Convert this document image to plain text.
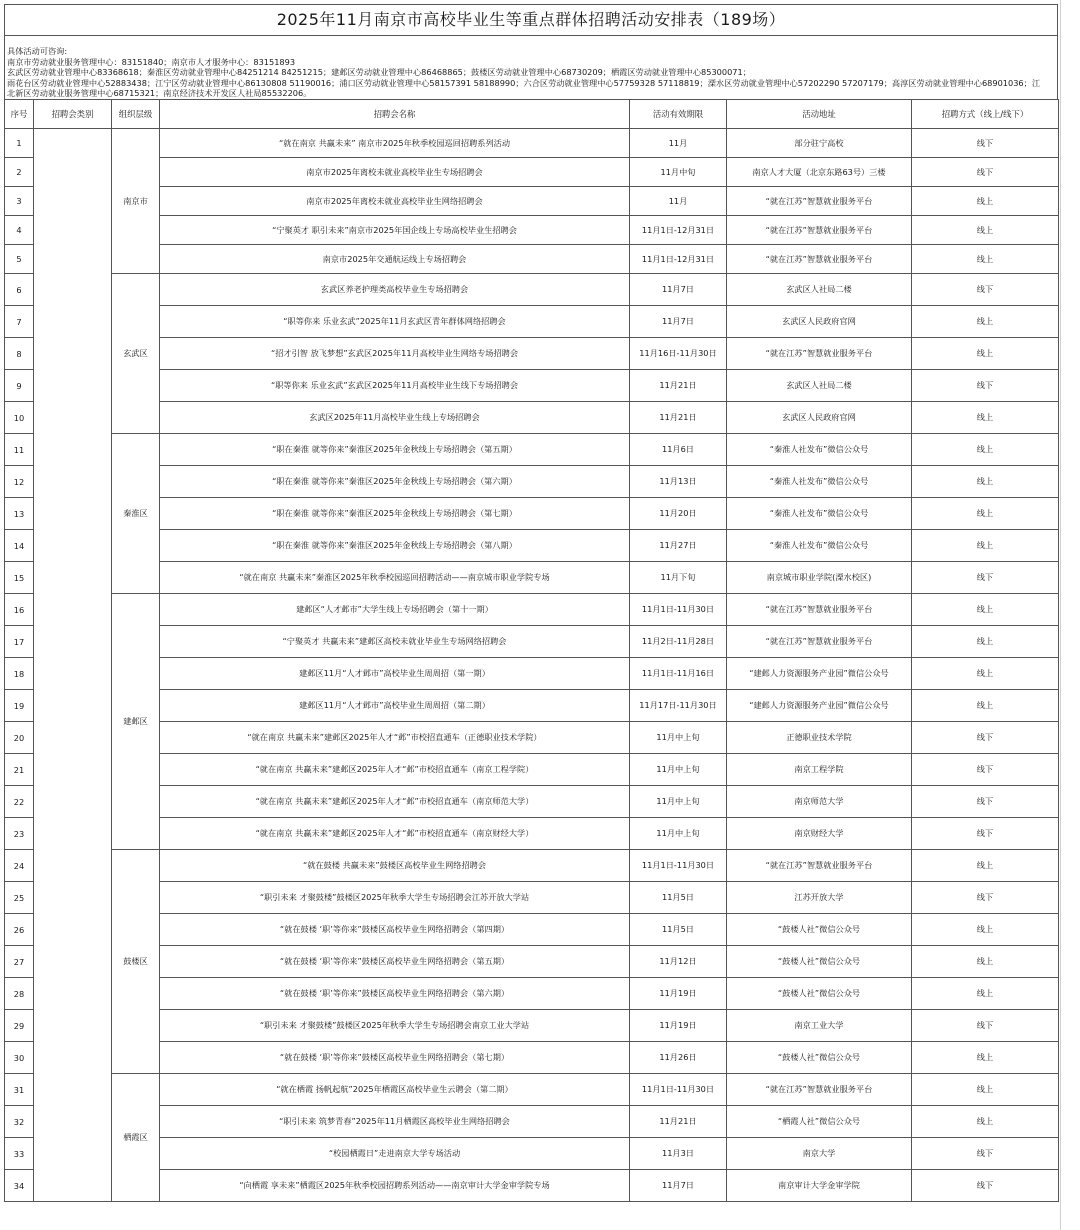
2025年11月南京市高校毕业生等重点群体招聘活动安排表（189场）
具体活动可咨询:
南京市劳动就业服务管理中心：83151840；南京市人才服务中心：83151893
玄武区劳动就业管理中心83368618；秦淮区劳动就业管理中心84251214 84251215；建邺区劳动就业管理中心86468865；鼓楼区劳动就业管理中心68730209；栖霞区劳动就业管理中心85300071；
雨花台区劳动就业管理中心52883438；江宁区劳动就业管理中心86130808 51190016；浦口区劳动就业管理中心58157391 58188990；六合区劳动就业管理中心57759328 57118819；溧水区劳动就业管理中心57202290 57207179；高淳区劳动就业管理中心68901036；江
北新区劳动就业服务管理中心68715321；南京经济技术开发区人社局85532206。
序号	招聘会类别	组织层级	招聘会名称	活动有效期限	活动地址	招聘方式（线上/线下）
1		南京市	“就在南京 共赢未来” 南京市2025年秋季校园巡回招聘系列活动	11月	部分驻宁高校	线下
2			南京市2025年离校未就业高校毕业生专场招聘会	11月中旬	南京人才大厦（北京东路63号）三楼	线下
3			南京市2025年离校未就业高校毕业生网络招聘会	11月	“就在江苏”智慧就业服务平台	线上
4			“宁聚英才 职引未来”南京市2025年国企线上专场高校毕业生招聘会	11月1日-12月31日	“就在江苏”智慧就业服务平台	线上
5			南京市2025年交通航运线上专场招聘会	11月1日-12月31日	“就在江苏”智慧就业服务平台	线上
6		玄武区	玄武区养老护理类高校毕业生专场招聘会	11月7日	玄武区人社局二楼	线下
7			“职等你来 乐业玄武”2025年11月玄武区青年群体网络招聘会	11月7日	玄武区人民政府官网	线上
8			“招才引智 放飞梦想”玄武区2025年11月高校毕业生网络专场招聘会	11月16日-11月30日	“就在江苏”智慧就业服务平台	线上
9			“职等你来 乐业玄武”玄武区2025年11月高校毕业生线下专场招聘会	11月21日	玄武区人社局二楼	线下
10			玄武区2025年11月高校毕业生线上专场招聘会	11月21日	玄武区人民政府官网	线上
11		秦淮区	“职在秦淮 就等你来”秦淮区2025年金秋线上专场招聘会（第五期）	11月6日	“秦淮人社发布”微信公众号	线上
12			“职在秦淮 就等你来”秦淮区2025年金秋线上专场招聘会（第六期）	11月13日	“秦淮人社发布”微信公众号	线上
13			“职在秦淮 就等你来”秦淮区2025年金秋线上专场招聘会（第七期）	11月20日	“秦淮人社发布”微信公众号	线上
14			“职在秦淮 就等你来”秦淮区2025年金秋线上专场招聘会（第八期）	11月27日	“秦淮人社发布”微信公众号	线上
15			“就在南京 共赢未来”秦淮区2025年秋季校园巡回招聘活动——南京城市职业学院专场	11月下旬	南京城市职业学院(溧水校区)	线下
16		建邺区	建邺区“人才邺市”大学生线上专场招聘会（第十一期）	11月1日-11月30日	“就在江苏”智慧就业服务平台	线上
17			“宁聚英才 共赢未来”建邺区高校未就业毕业生专场网络招聘会	11月2日-11月28日	“就在江苏”智慧就业服务平台	线上
18			建邺区11月“人才邺市”高校毕业生周周招（第一期）	11月1日-11月16日	“建邺人力资源服务产业园”微信公众号	线上
19			建邺区11月“人才邺市”高校毕业生周周招（第二期）	11月17日-11月30日	“建邺人力资源服务产业园”微信公众号	线上
20			“就在南京 共赢未来”建邺区2025年人才“邺”市校招直通车（正德职业技术学院）	11月中上旬	正德职业技术学院	线下
21			“就在南京 共赢未来”建邺区2025年人才“邺”市校招直通车（南京工程学院）	11月中上旬	南京工程学院	线下
22			“就在南京 共赢未来”建邺区2025年人才“邺”市校招直通车（南京师范大学）	11月中上旬	南京师范大学	线下
23			“就在南京 共赢未来”建邺区2025年人才“邺”市校招直通车（南京财经大学）	11月中上旬	南京财经大学	线下
24		鼓楼区	“就在鼓楼 共赢未来”鼓楼区高校毕业生网络招聘会	11月1日-11月30日	“就在江苏”智慧就业服务平台	线上
25			“职引未来 才聚鼓楼”鼓楼区2025年秋季大学生专场招聘会江苏开放大学站	11月5日	江苏开放大学	线下
26			“就在鼓楼 ‘职’等你来”鼓楼区高校毕业生网络招聘会（第四期）	11月5日	“鼓楼人社”微信公众号	线上
27			“就在鼓楼 ‘职’等你来”鼓楼区高校毕业生网络招聘会（第五期）	11月12日	“鼓楼人社”微信公众号	线上
28			“就在鼓楼 ‘职’等你来”鼓楼区高校毕业生网络招聘会（第六期）	11月19日	“鼓楼人社”微信公众号	线上
29			“职引未来 才聚鼓楼”鼓楼区2025年秋季大学生专场招聘会南京工业大学站	11月19日	南京工业大学	线下
30			“就在鼓楼 ‘职’等你来”鼓楼区高校毕业生网络招聘会（第七期）	11月26日	“鼓楼人社”微信公众号	线上
31		栖霞区	“就在栖霞 扬帆起航”2025年栖霞区高校毕业生云聘会（第二期）	11月1日-11月30日	“就在江苏”智慧就业服务平台	线上
32			“职引未来 筑梦青春”2025年11月栖霞区高校毕业生网络招聘会	11月21日	“栖霞人社”微信公众号	线上
33			“校园栖霞日”走进南京大学专场活动	11月3日	南京大学	线下
34			“向栖霞 享未来”栖霞区2025年秋季校园招聘系列活动——南京审计大学金审学院专场	11月7日	南京审计大学金审学院	线下
